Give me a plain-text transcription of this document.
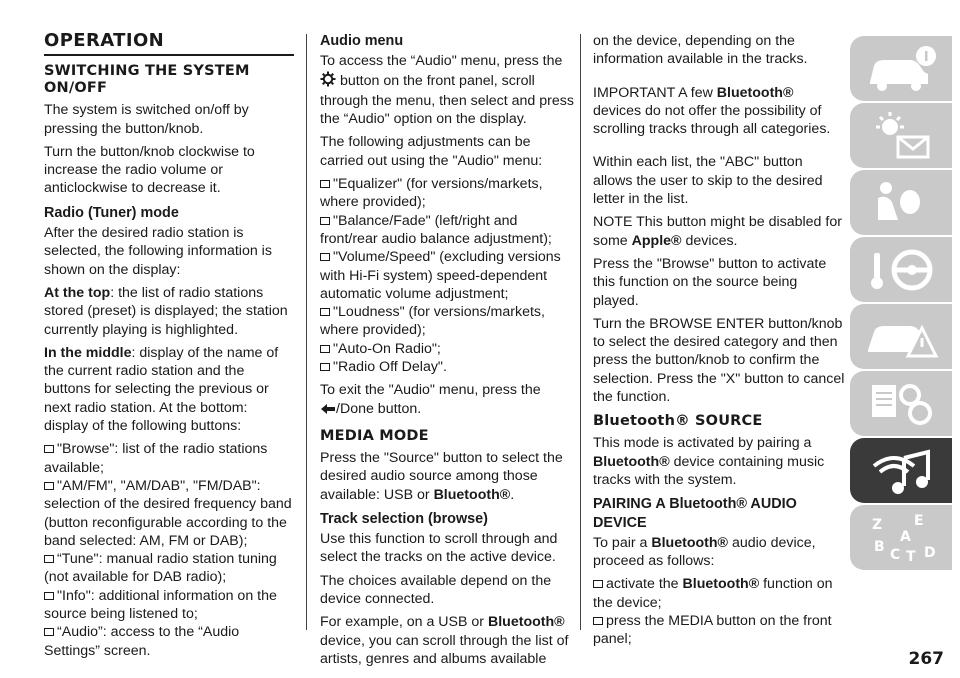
OPERATION
SWITCHING THE SYSTEM ON/OFF

The system is switched on/off by pressing the button/knob.

Turn the button/knob clockwise to increase the radio volume or anticlockwise to decrease it.

Radio (Tuner) mode

After the desired radio station is selected, the following information is shown on the display:

At the top: the list of radio stations stored (preset) is displayed; the station currently playing is highlighted.

In the middle: display of the name of the current radio station and the buttons for selecting the previous or next radio station. At the bottom: display of the following buttons:

"Browse": list of the radio stations available;
"AM/FM", "AM/DAB", "FM/DAB": selection of the desired frequency band (button reconfigurable according to the band selected: AM, FM or DAB);
“Tune": manual radio station tuning (not available for DAB radio);
"Info": additional information on the source being listened to;
“Audio”: access to the “Audio Settings” screen.
Audio menu

To access the “Audio" menu, press the
button on the front panel, scroll through the menu, then select and press the “Audio" option on the display.

The following adjustments can be carried out using the "Audio" menu:

"Equalizer" (for versions/markets, where provided);
"Balance/Fade" (left/right and front/rear audio balance adjustment);
"Volume/Speed" (excluding versions with Hi-Fi system) speed-dependent automatic volume adjustment;
"Loudness" (for versions/markets, where provided);
"Auto-On Radio";
"Radio Off Delay".

To exit the "Audio" menu, press the
/Done button.

MEDIA MODE

Press the "Source" button to select the desired audio source among those available: USB or Bluetooth®.

Track selection (browse)

Use this function to scroll through and select the tracks on the active device.

The choices available depend on the device connected.

For example, on a USB or Bluetooth® device, you can scroll through the list of artists, genres and albums available

on the device, depending on the information available in the tracks.

IMPORTANT A few Bluetooth® devices do not offer the possibility of scrolling tracks through all categories.

Within each list, the "ABC" button allows the user to skip to the desired letter in the list.

NOTE This button might be disabled for some Apple® devices.

Press the "Browse" button to activate this function on the source being played.

Turn the BROWSE ENTER button/knob to select the desired category and then press the button/knob to confirm the selection. Press the "X" button to cancel the function.

Bluetooth® SOURCE

This mode is activated by pairing a
Bluetooth® device containing music tracks with the system.

PAIRING A Bluetooth® AUDIO DEVICE

To pair a Bluetooth® audio device, proceed as follows:

activate the Bluetooth® function on the device;
press the MEDIA button on the front panel;
Z E
A
B C T D
267
